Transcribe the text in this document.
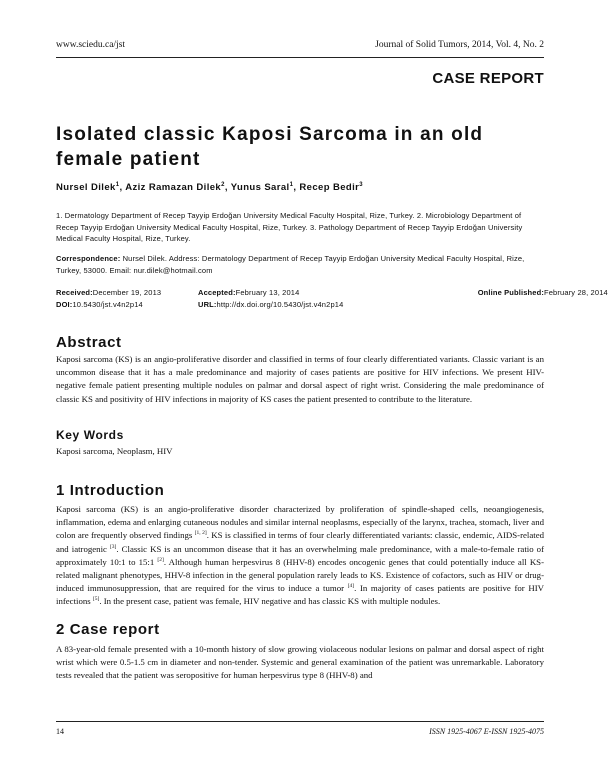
www.sciedu.ca/jst	Journal of Solid Tumors, 2014, Vol. 4, No. 2
CASE REPORT
Isolated classic Kaposi Sarcoma in an old female patient
Nursel Dilek$^1$, Aziz Ramazan Dilek$^2$, Yunus Saral$^1$, Recep Bedir$^3$
1. Dermatology Department of Recep Tayyip Erdoğan University Medical Faculty Hospital, Rize, Turkey. 2. Microbiology Department of Recep Tayyip Erdoğan University Medical Faculty Hospital, Rize, Turkey. 3. Pathology Department of Recep Tayyip Erdoğan University Medical Faculty Hospital, Rize, Turkey.
Correspondence: Nursel Dilek. Address: Dermatology Department of Recep Tayyip Erdoğan University Medical Faculty Hospital, Rize, Turkey, 53000. Email: nur.dilek@hotmail.com
Received: December 19, 2013	Accepted: February 13, 2014	Online Published: February 28, 2014
DOI: 10.5430/jst.v4n2p14	URL: http://dx.doi.org/10.5430/jst.v4n2p14
Abstract
Kaposi sarcoma (KS) is an angio-proliferative disorder and classified in terms of four clearly differentiated variants. Classic variant is an uncommon disease that it has a male predominance and majority of cases patients are positive for HIV infections. We present HIV-negative female patient presenting multiple nodules on palmar and dorsal aspect of right wrist. Considering the male predominance of classic KS and positivity of HIV infections in majority of KS cases the patient presented to contribute to the literature.
Key Words
Kaposi sarcoma, Neoplasm, HIV
1 Introduction
Kaposi sarcoma (KS) is an angio-proliferative disorder characterized by proliferation of spindle-shaped cells, neoangiogenesis, inflammation, edema and enlarging cutaneous nodules and similar internal neoplasms, especially of the larynx, trachea, stomach, liver and colon are frequently observed findings [1, 2]. KS is classified in terms of four clearly differentiated variants: classic, endemic, AIDS-related and iatrogenic [3]. Classic KS is an uncommon disease that it has an overwhelming male predominance, with a male-to-female ratio of approximately 10:1 to 15:1 [2]. Although human herpesvirus 8 (HHV-8) encodes oncogenic genes that could potentially induce all KS-related malignant phenotypes, HHV-8 infection in the general population rarely leads to KS. Existence of cofactors, such as HIV or drug-induced immunosuppression, that are required for the virus to induce a tumor [4]. In majority of cases patients are positive for HIV infections [5]. In the present case, patient was female, HIV negative and has classic KS with multiple nodules.
2 Case report
A 83-year-old female presented with a 10-month history of slow growing violaceous nodular lesions on palmar and dorsal aspect of right wrist which were 0.5-1.5 cm in diameter and non-tender. Systemic and general examination of the patient was unremarkable. Laboratory tests revealed that the patient was seropositive for human herpesvirus type 8 (HHV-8) and
14	ISSN 1925-4067 E-ISSN 1925-4075
